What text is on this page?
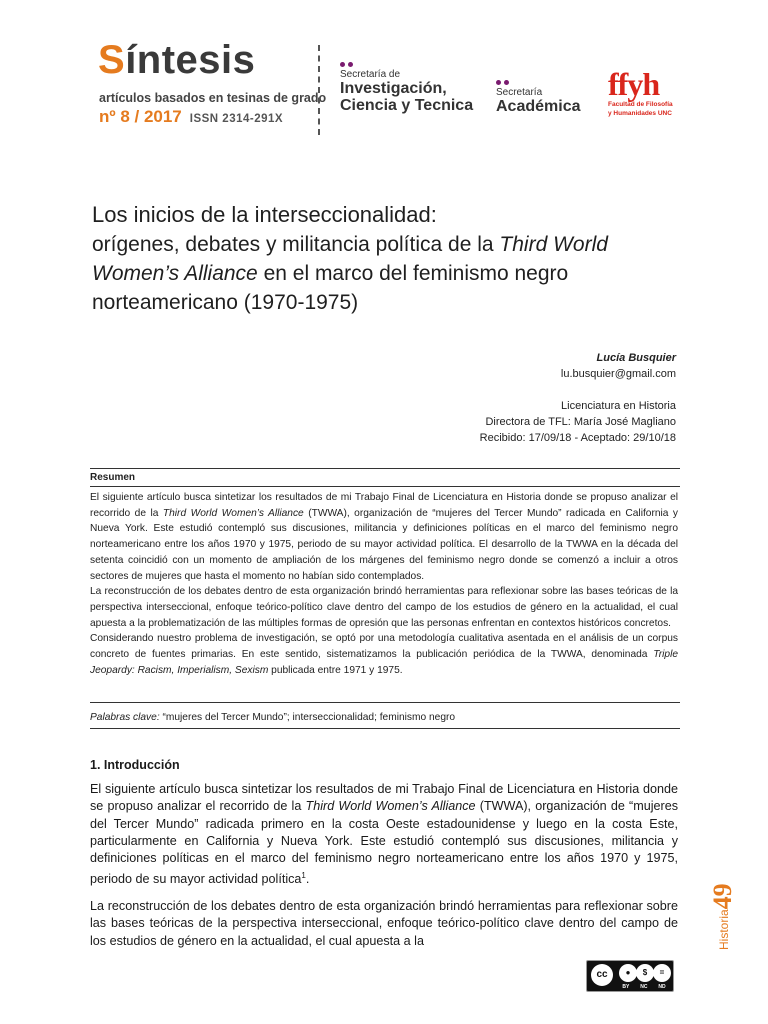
Síntesis
artículos basados en tesinas de grado
nº 8 / 2017 ISSN 2314-291X
Secretaría de
Investigación,
Ciencia y Tecnica
Secretaría
Académica
ffyh
Facultad de Filosofía
y Humanidades UNC
Los inicios de la interseccionalidad:
orígenes, debates y militancia política de la Third World Women’s Alliance en el marco del feminismo negro norteamericano (1970-1975)
Lucía Busquier
lu.busquier@gmail.com
Licenciatura en Historia
Directora de TFL: María José Magliano
Recibido: 17/09/18 - Aceptado: 29/10/18
Resumen

El siguiente artículo busca sintetizar los resultados de mi Trabajo Final de Licenciatura en Historia donde se propuso analizar el recorrido de la Third World Women’s Alliance (TWWA), organización de “mujeres del Tercer Mundo” radicada en California y Nueva York. Este estudió contempló sus discusiones, militancia y definiciones políticas en el marco del feminismo negro norteamericano entre los años 1970 y 1975, periodo de su mayor actividad política. El desarrollo de la TWWA en la década del setenta coincidió con un momento de ampliación de los márgenes del feminismo negro donde se comenzó a incluir a otros sectores de mujeres que hasta el momento no habían sido contemplados.

La reconstrucción de los debates dentro de esta organización brindó herramientas para reflexionar sobre las bases teóricas de la perspectiva interseccional, enfoque teórico-político clave dentro del campo de los estudios de género en la actualidad, el cual apuesta a la problematización de las múltiples formas de opresión que las personas enfrentan en contextos históricos concretos.

Considerando nuestro problema de investigación, se optó por una metodología cualitativa asentada en el análisis de un corpus concreto de fuentes primarias. En este sentido, sistematizamos la publicación periódica de la TWWA, denominada Triple Jeopardy: Racism, Imperialism, Sexism publicada entre 1971 y 1975.

Palabras clave: “mujeres del Tercer Mundo”; interseccionalidad; feminismo negro
1. Introducción

El siguiente artículo busca sintetizar los resultados de mi Trabajo Final de Licenciatura en Historia donde se propuso analizar el recorrido de la Third World Women’s Alliance (TWWA), organización de “mujeres del Tercer Mundo” radicada primero en la costa Oeste estadounidense y luego en la costa Este, particularmente en California y Nueva York. Este estudió contempló sus discusiones, militancia y definiciones políticas en el marco del feminismo negro norteamericano entre los años 1970 y 1975, periodo de su mayor actividad política$^1$.

La reconstrucción de los debates dentro de esta organización brindó herramientas para reflexionar sobre las bases teóricas de la perspectiva interseccional, enfoque teórico-político clave dentro del campo de los estudios de género en la actualidad, el cual apuesta a la	Historia49
cc	●	$	=
BY NC ND
